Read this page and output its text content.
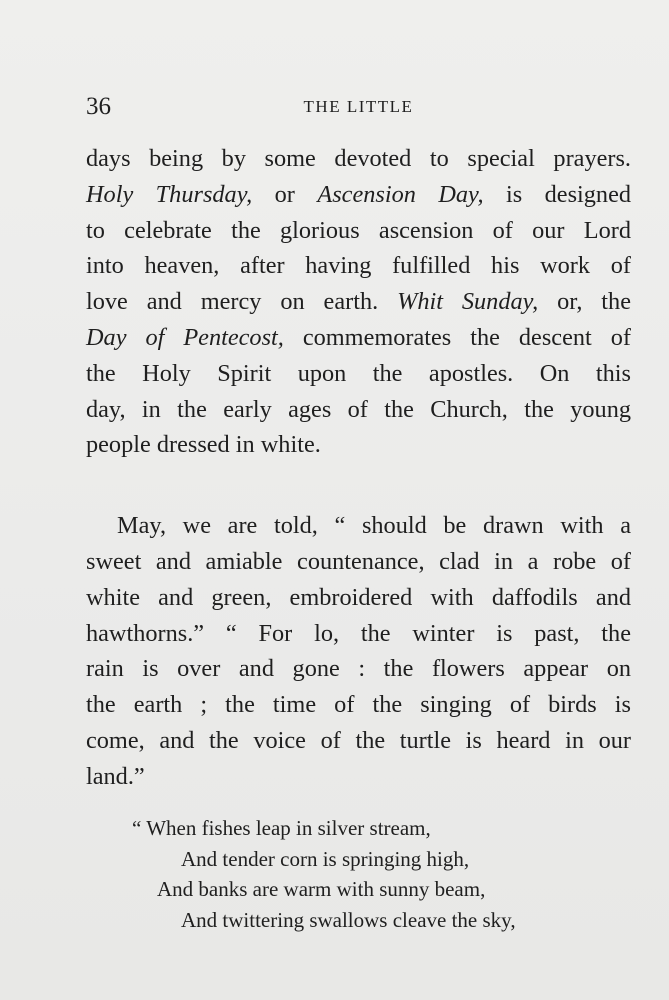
36	THE LITTLE
days being by some devoted to special prayers.
Holy Thursday, or Ascension Day, is designed
to celebrate the glorious ascension of our Lord
into heaven, after having fulfilled his work of
love and mercy on earth. Whit Sunday, or, the
Day of Pentecost, commemorates the descent of
the Holy Spirit upon the apostles. On this
day, in the early ages of the Church, the young
people dressed in white.
May, we are told, “ should be drawn with a
sweet and amiable countenance, clad in a robe of
white and green, embroidered with daffodils and
hawthorns.” “ For lo, the winter is past, the
rain is over and gone : the flowers appear on
the earth ; the time of the singing of birds is
come, and the voice of the turtle is heard in our
land.”
“ When fishes leap in silver stream,
And tender corn is springing high,
And banks are warm with sunny beam,
And twittering swallows cleave the sky,
